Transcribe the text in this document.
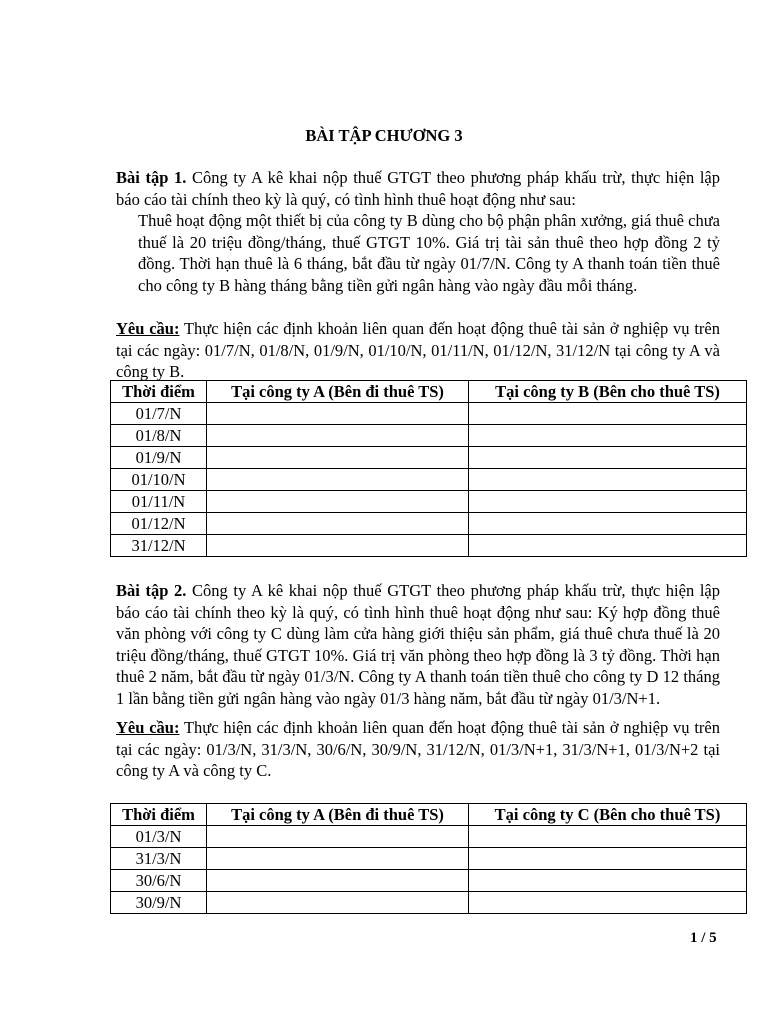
BÀI TẬP CHƯƠNG 3

Bài tập 1. Công ty A kê khai nộp thuế GTGT theo phương pháp khấu trừ, thực hiện lập báo cáo tài chính theo kỳ là quý, có tình hình thuê hoạt động như sau:

Thuê hoạt động một thiết bị của công ty B dùng cho bộ phận phân xưởng, giá thuê chưa thuế là 20 triệu đồng/tháng, thuế GTGT 10%. Giá trị tài sản thuê theo hợp đồng 2 tỷ đồng. Thời hạn thuê là 6 tháng, bắt đầu từ ngày 01/7/N. Công ty A thanh toán tiền thuê cho công ty B hàng tháng bằng tiền gửi ngân hàng vào ngày đầu mỗi tháng.

Yêu cầu: Thực hiện các định khoản liên quan đến hoạt động thuê tài sản ở nghiệp vụ trên tại các ngày: 01/7/N, 01/8/N, 01/9/N, 01/10/N, 01/11/N, 01/12/N, 31/12/N tại công ty A và công ty B.

Thời điểm	Tại công ty A (Bên đi thuê TS)	Tại công ty B (Bên cho thuê TS)
01/7/N		
01/8/N		
01/9/N		
01/10/N		
01/11/N		
01/12/N		
31/12/N		

Bài tập 2. Công ty A kê khai nộp thuế GTGT theo phương pháp khấu trừ, thực hiện lập báo cáo tài chính theo kỳ là quý, có tình hình thuê hoạt động như sau: Ký hợp đồng thuê văn phòng với công ty C dùng làm cửa hàng giới thiệu sản phẩm, giá thuê chưa thuế là 20 triệu đồng/tháng, thuế GTGT 10%. Giá trị văn phòng theo hợp đồng là 3 tỷ đồng. Thời hạn thuê 2 năm, bắt đầu từ ngày 01/3/N. Công ty A thanh toán tiền thuê cho công ty D 12 tháng 1 lần bằng tiền gửi ngân hàng vào ngày 01/3 hàng năm, bắt đầu từ ngày 01/3/N+1.

Yêu cầu: Thực hiện các định khoản liên quan đến hoạt động thuê tài sản ở nghiệp vụ trên tại các ngày: 01/3/N, 31/3/N, 30/6/N, 30/9/N, 31/12/N, 01/3/N+1, 31/3/N+1, 01/3/N+2 tại công ty A và công ty C.

Thời điểm	Tại công ty A (Bên đi thuê TS)	Tại công ty C (Bên cho thuê TS)
01/3/N		
31/3/N		
30/6/N		
30/9/N		
1 / 5
